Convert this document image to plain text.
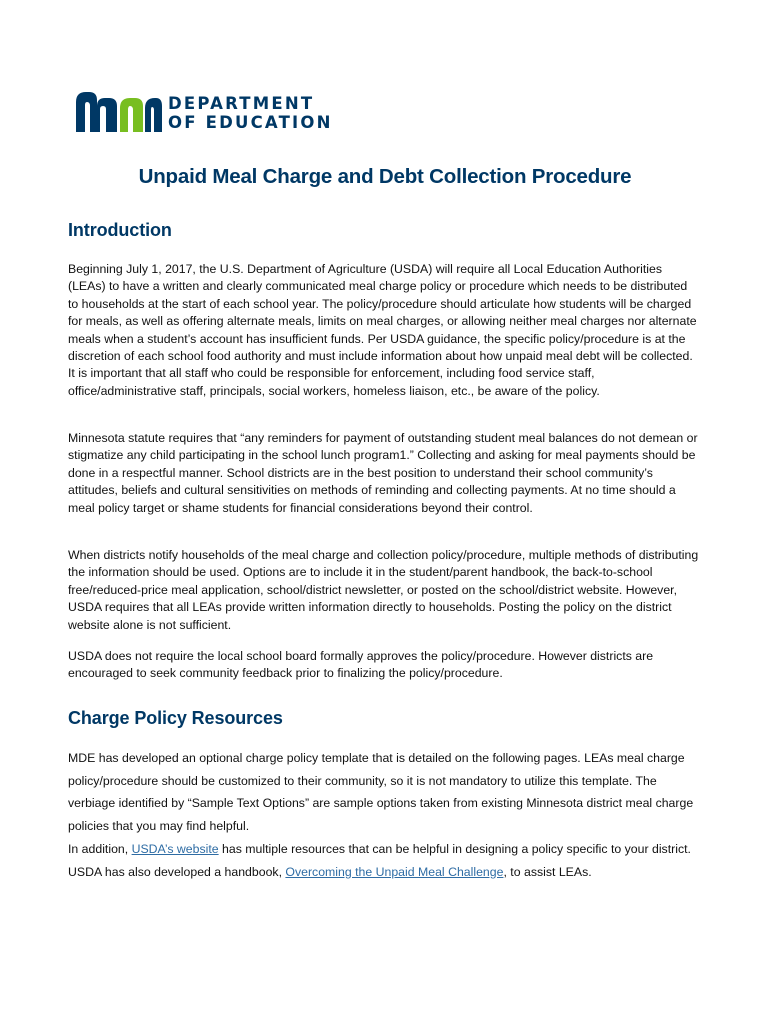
DEPARTMENT
OF EDUCATION
Unpaid Meal Charge and Debt Collection Procedure
Introduction
Beginning July 1, 2017, the U.S. Department of Agriculture (USDA) will require all Local Education Authorities (LEAs) to have a written and clearly communicated meal charge policy or procedure which needs to be distributed to households at the start of each school year. The policy/procedure should articulate how students will be charged for meals, as well as offering alternate meals, limits on meal charges, or allowing neither meal charges nor alternate meals when a student’s account has insufficient funds. Per USDA guidance, the specific policy/procedure is at the discretion of each school food authority and must include information about how unpaid meal debt will be collected. It is important that all staff who could be responsible for enforcement, including food service staff, office/administrative staff, principals, social workers, homeless liaison, etc., be aware of the policy.
Minnesota statute requires that “any reminders for payment of outstanding student meal balances do not demean or stigmatize any child participating in the school lunch program1.” Collecting and asking for meal payments should be done in a respectful manner. School districts are in the best position to understand their school community’s attitudes, beliefs and cultural sensitivities on methods of reminding and collecting payments. At no time should a meal policy target or shame students for financial considerations beyond their control.
When districts notify households of the meal charge and collection policy/procedure, multiple methods of distributing the information should be used. Options are to include it in the student/parent handbook, the back-to-school free/reduced-price meal application, school/district newsletter, or posted on the school/district website. However, USDA requires that all LEAs provide written information directly to households. Posting the policy on the district website alone is not sufficient.
USDA does not require the local school board formally approves the policy/procedure. However districts are encouraged to seek community feedback prior to finalizing the policy/procedure.
Charge Policy Resources
MDE has developed an optional charge policy template that is detailed on the following pages. LEAs meal charge policy/procedure should be customized to their community, so it is not mandatory to utilize this template. The verbiage identified by “Sample Text Options” are sample options taken from existing Minnesota district meal charge policies that you may find helpful.
In addition, USDA’s website has multiple resources that can be helpful in designing a policy specific to your district. USDA has also developed a handbook, Overcoming the Unpaid Meal Challenge, to assist LEAs.
